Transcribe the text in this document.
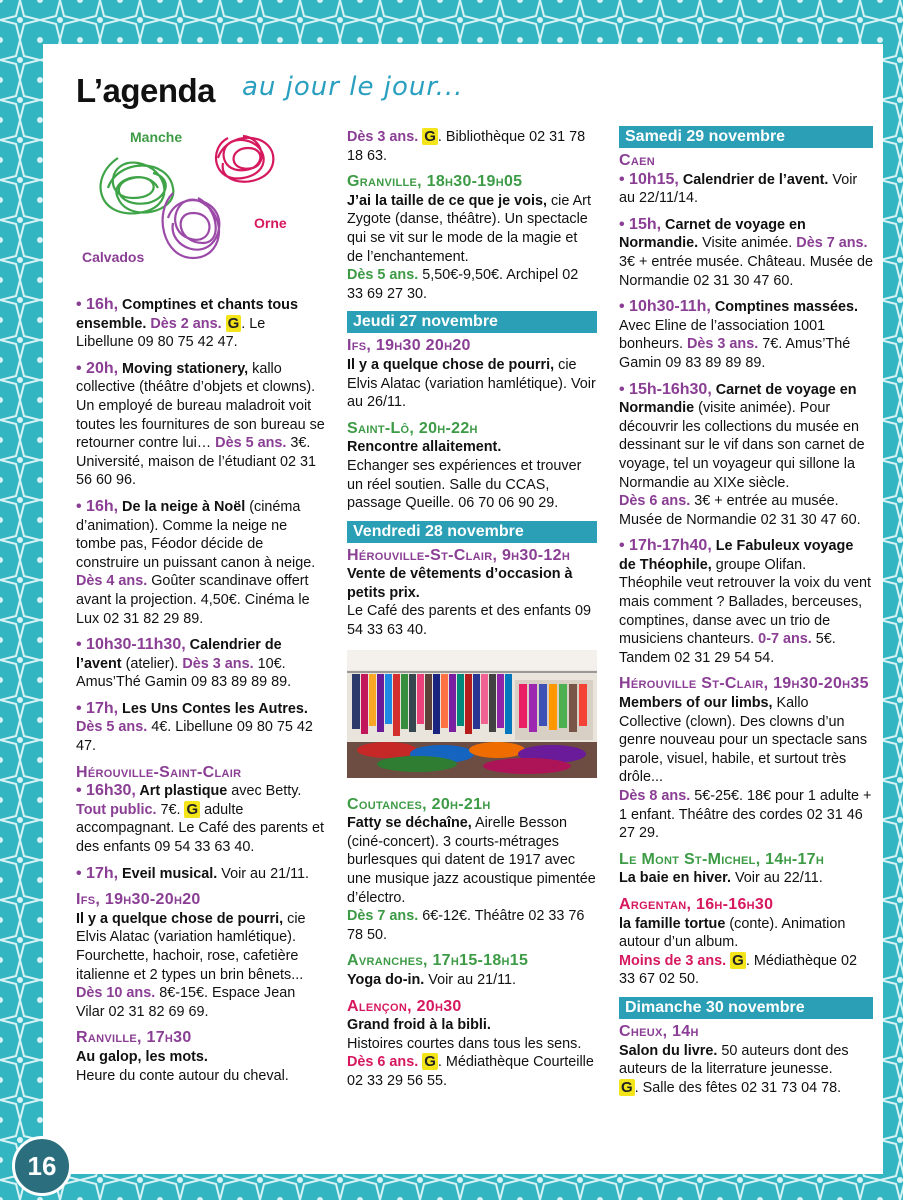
L’agenda au jour le jour...
Manche
Orne
Calvados
• 16h, Comptines et chants tous ensemble. Dès 2 ans. G . Le Libellune 09 80 75 42 47.
• 20h, Moving stationery, kallo collective (théâtre d’objets et clowns). Un employé de bureau maladroit voit toutes les fournitures de son bureau se retourner contre lui… Dès 5 ans. 3€. Université, maison de l’étudiant 02 31 56 60 96.
• 16h, De la neige à Noël (cinéma d’animation). Comme la neige ne tombe pas, Féodor décide de construire un puissant canon à neige. Dès 4 ans. Goûter scandinave offert avant la projection. 4,50€. Cinéma le Lux 02 31 82 29 89.
• 10h30-11h30, Calendrier de l’avent (atelier). Dès 3 ans. 10€. Amus’Thé Gamin 09 83 89 89 89.
• 17h, Les Uns Contes les Autres. Dès 5 ans. 4€. Libellune 09 80 75 42 47.
Hérouville-Saint-Clair
• 16h30, Art plastique avec Betty.
Tout public. 7€. G adulte accompagnant. Le Café des parents et des enfants 09 54 33 63 40.
• 17h, Eveil musical. Voir au 21/11.
Ifs, 19h30-20h20
Il y a quelque chose de pourri, cie Elvis Alatac (variation hamlétique). Fourchette, hachoir, rose, cafetière italienne et 2 types un brin bênets...
Dès 10 ans. 8€-15€. Espace Jean Vilar 02 31 82 69 69.
Ranville, 17h30
Au galop, les mots.
Heure du conte autour du cheval.
Dès 3 ans. G . Bibliothèque 02 31 78 18 63.
Granville, 18h30-19h05
J’ai la taille de ce que je vois, cie Art Zygote (danse, théâtre). Un spectacle qui se vit sur le mode de la magie et de l’enchantement.
Dès 5 ans. 5,50€-9,50€. Archipel 02 33 69 27 30.
Jeudi 27 novembre
Ifs, 19h30 20h20
Il y a quelque chose de pourri, cie Elvis Alatac (variation hamlétique). Voir au 26/11.
Saint-Lô, 20h-22h
Rencontre allaitement.
Echanger ses expériences et trouver un réel soutien. Salle du CCAS, passage Queille. 06 70 06 90 29.
Vendredi 28 novembre
Hérouville-St-Clair, 9h30-12h
Vente de vêtements d’occasion à petits prix.
Le Café des parents et des enfants 09 54 33 63 40.
Coutances, 20h-21h
Fatty se déchaîne, Airelle Besson (ciné-concert). 3 courts-métrages burlesques qui datent de 1917 avec une musique jazz acoustique pimentée d’électro.
Dès 7 ans. 6€-12€. Théâtre 02 33 76 78 50.
Avranches, 17h15-18h15
Yoga do-in. Voir au 21/11.
Alençon, 20h30
Grand froid à la bibli.
Histoires courtes dans tous les sens.
Dès 6 ans. G . Médiathèque Courteille 02 33 29 56 55.
Samedi 29 novembre
Caen
• 10h15, Calendrier de l’avent. Voir au 22/11/14.
• 15h, Carnet de voyage en Normandie. Visite animée. Dès 7 ans. 3€ + entrée musée. Château. Musée de Normandie 02 31 30 47 60.
• 10h30-11h, Comptines massées. Avec Eline de l’association 1001 bonheurs. Dès 3 ans. 7€. Amus’Thé Gamin 09 83 89 89 89.
• 15h-16h30, Carnet de voyage en Normandie (visite animée). Pour découvrir les collections du musée en dessinant sur le vif dans son carnet de voyage, tel un voyageur qui sillone la Normandie au XIXe siècle.
Dès 6 ans. 3€ + entrée au musée. Musée de Normandie 02 31 30 47 60.
• 17h-17h40, Le Fabuleux voyage de Théophile, groupe Olifan. Théophile veut retrouver la voix du vent mais comment ? Ballades, berceuses, comptines, danse avec un trio de musiciens chanteurs. 0-7 ans. 5€. Tandem 02 31 29 54 54.
Hérouville St-Clair, 19h30-20h35
Members of our limbs, Kallo Collective (clown). Des clowns d’un genre nouveau pour un spectacle sans parole, visuel, habile, et surtout très drôle...
Dès 8 ans. 5€-25€. 18€ pour 1 adulte + 1 enfant. Théâtre des cordes 02 31 46 27 29.
Le Mont St-Michel, 14h-17h
La baie en hiver. Voir au 22/11.
Argentan, 16h-16h30
la famille tortue (conte). Animation autour d’un album.
Moins de 3 ans. G . Médiathèque 02 33 67 02 50.
Dimanche 30 novembre
Cheux, 14h
Salon du livre. 50 auteurs dont des auteurs de la literrature jeunesse.
G . Salle des fêtes 02 31 73 04 78.
16
